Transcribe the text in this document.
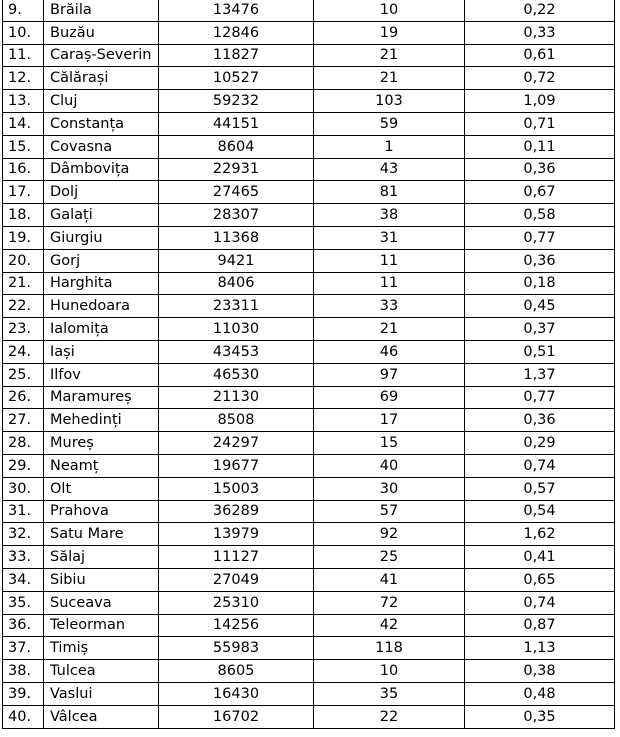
9.	Brăila	13476	10	0,22
10.	Buzău	12846	19	0,33
11.	Caraș-Severin	11827	21	0,61
12.	Călărași	10527	21	0,72
13.	Cluj	59232	103	1,09
14.	Constanța	44151	59	0,71
15.	Covasna	8604	1	0,11
16.	Dâmbovița	22931	43	0,36
17.	Dolj	27465	81	0,67
18.	Galați	28307	38	0,58
19.	Giurgiu	11368	31	0,77
20.	Gorj	9421	11	0,36
21.	Harghita	8406	11	0,18
22.	Hunedoara	23311	33	0,45
23.	Ialomița	11030	21	0,37
24.	Iași	43453	46	0,51
25.	Ilfov	46530	97	1,37
26.	Maramureș	21130	69	0,77
27.	Mehedinți	8508	17	0,36
28.	Mureș	24297	15	0,29
29.	Neamț	19677	40	0,74
30.	Olt	15003	30	0,57
31.	Prahova	36289	57	0,54
32.	Satu Mare	13979	92	1,62
33.	Sălaj	11127	25	0,41
34.	Sibiu	27049	41	0,65
35.	Suceava	25310	72	0,74
36.	Teleorman	14256	42	0,87
37.	Timiș	55983	118	1,13
38.	Tulcea	8605	10	0,38
39.	Vaslui	16430	35	0,48
40.	Vâlcea	16702	22	0,35
